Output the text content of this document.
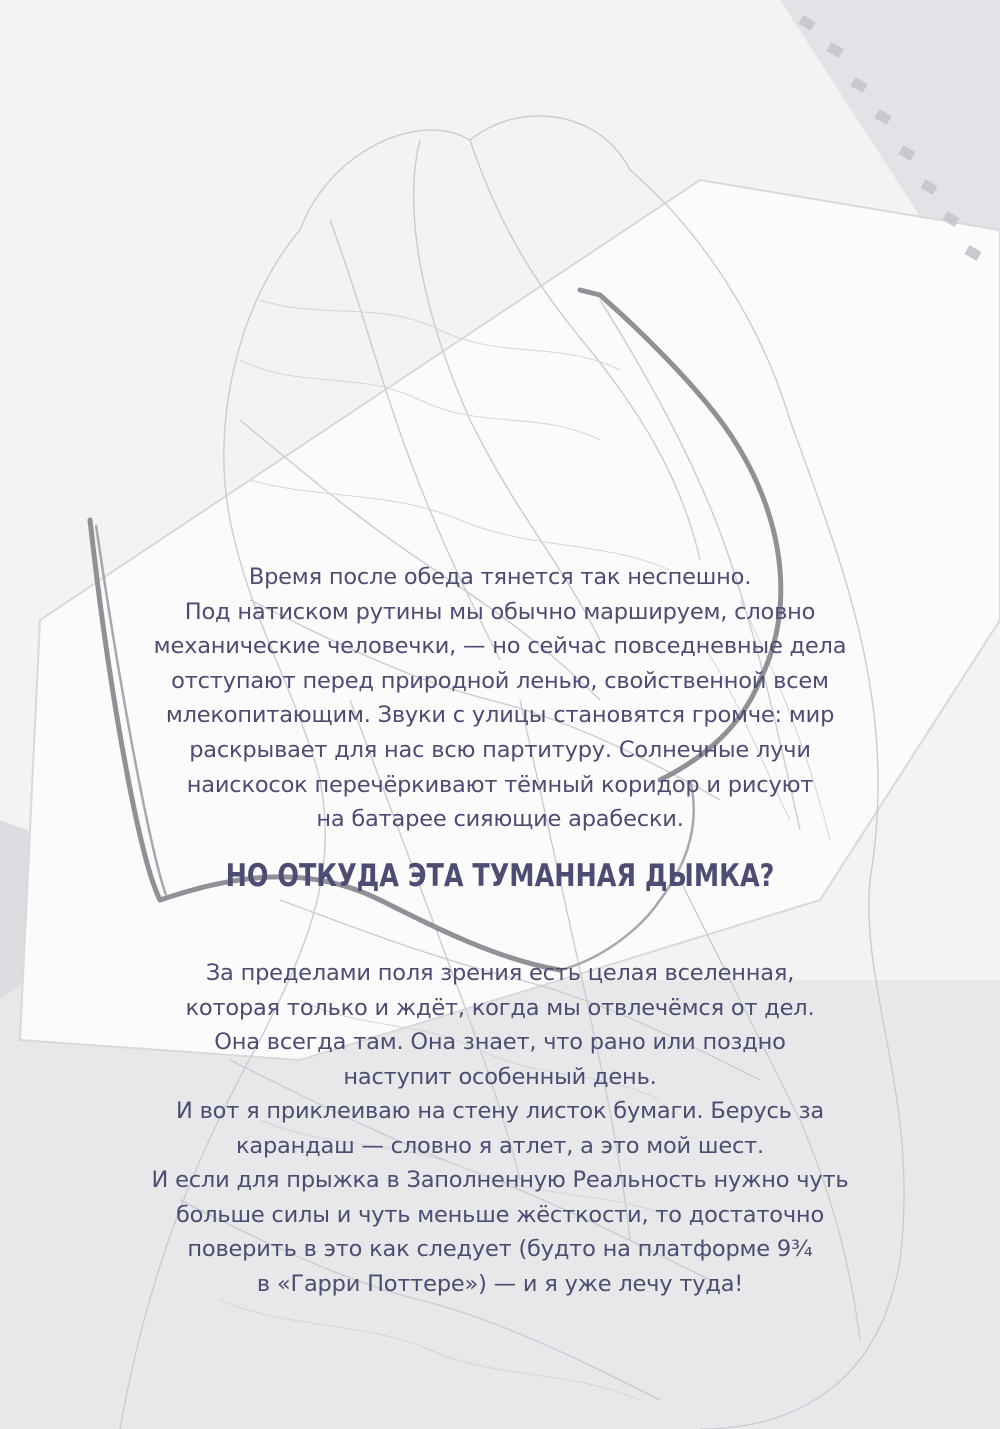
Время после обеда тянется так неспешно.
Под натиском рутины мы обычно маршируем, словно
механические человечки, — но сейчас повседневные дела
отступают перед природной ленью, свойственной всем
млекопитающим. Звуки с улицы становятся громче: мир
раскрывает для нас всю партитуру. Солнечные лучи
наискосок перечёркивают тёмный коридор и рисуют
на батарее сияющие арабески.

НО ОТКУДА ЭТА ТУМАННАЯ ДЫМКА?

За пределами поля зрения есть целая вселенная,
которая только и ждёт, когда мы отвлечёмся от дел.
Она всегда там. Она знает, что рано или поздно
наступит особенный день.

И вот я приклеиваю на стену листок бумаги. Берусь за
карандаш — словно я атлет, а это мой шест.
И если для прыжка в Заполненную Реальность нужно чуть
больше силы и чуть меньше жёсткости, то достаточно
поверить в это как следует (будто на платформе 9¾
в «Гарри Поттере») — и я уже лечу туда!
